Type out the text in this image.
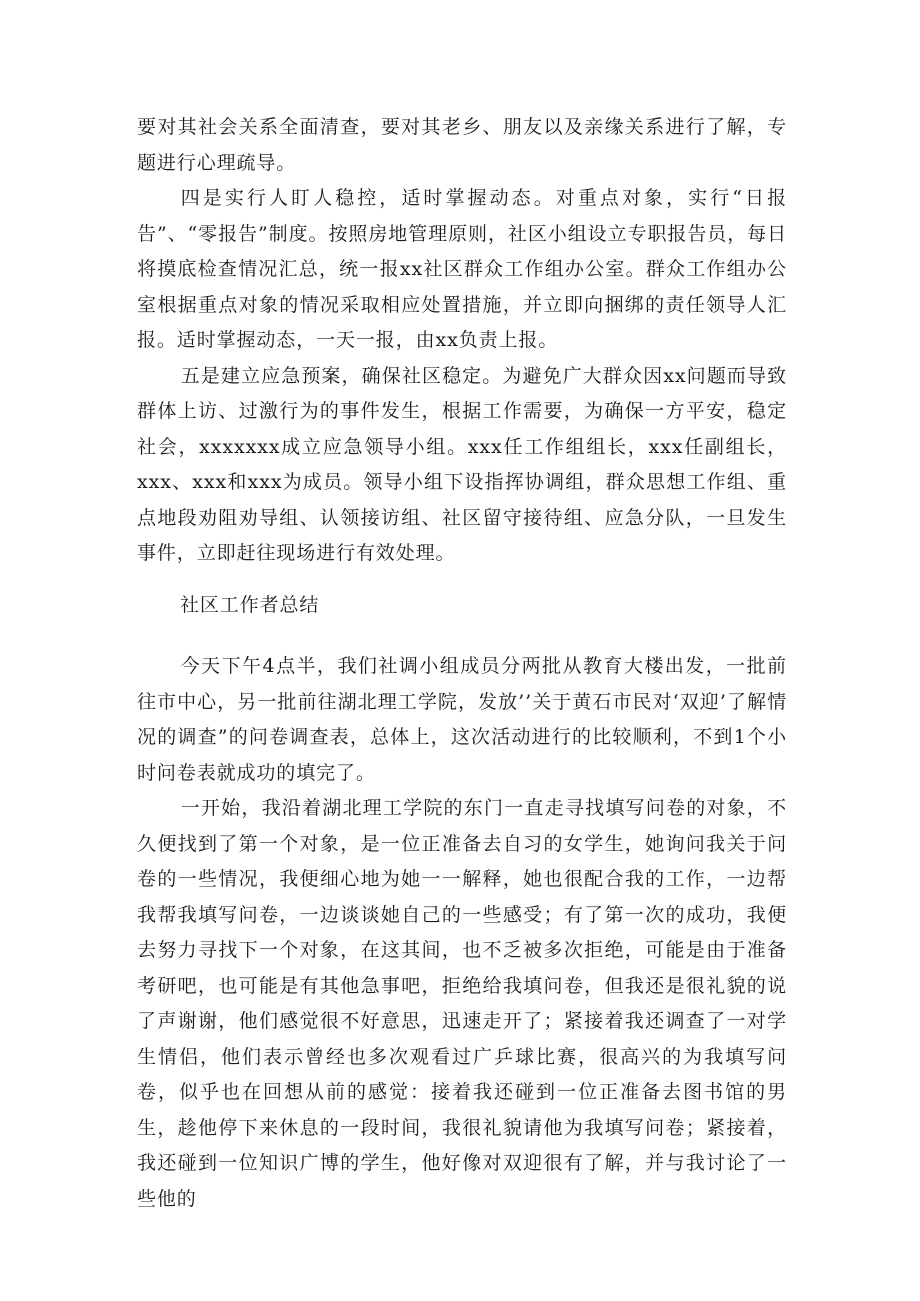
要对其社会关系全面清查，要对其老乡、朋友以及亲缘关系进行了解，专题进行心理疏导。

四是实行人盯人稳控，适时掌握动态。对重点对象，实行“日报告”、“零报告”制度。按照房地管理原则，社区小组设立专职报告员，每日将摸底检查情况汇总，统一报xx社区群众工作组办公室。群众工作组办公室根据重点对象的情况采取相应处置措施，并立即向捆绑的责任领导人汇报。适时掌握动态，一天一报，由xx负责上报。

五是建立应急预案，确保社区稳定。为避免广大群众因xx问题而导致群体上访、过激行为的事件发生，根据工作需要，为确保一方平安，稳定社会，xxxxxxx成立应急领导小组。xxx任工作组组长，xxx任副组长，xxx、xxx和xxx为成员。领导小组下设指挥协调组，群众思想工作组、重点地段劝阻劝导组、认领接访组、社区留守接待组、应急分队，一旦发生事件，立即赶往现场进行有效处理。

社区工作者总结

今天下午4点半，我们社调小组成员分两批从教育大楼出发，一批前往市中心，另一批前往湖北理工学院，发放’’关于黄石市民对‘双迎’了解情况的调查”的问卷调查表，总体上，这次活动进行的比较顺利，不到1个小时问卷表就成功的填完了。

一开始，我沿着湖北理工学院的东门一直走寻找填写问卷的对象，不久便找到了第一个对象，是一位正准备去自习的女学生，她询问我关于问卷的一些情况，我便细心地为她一一解释，她也很配合我的工作，一边帮我帮我填写问卷，一边谈谈她自己的一些感受；有了第一次的成功，我便去努力寻找下一个对象，在这其间，也不乏被多次拒绝，可能是由于准备考研吧，也可能是有其他急事吧，拒绝给我填问卷，但我还是很礼貌的说了声谢谢，他们感觉很不好意思，迅速走开了；紧接着我还调查了一对学生情侣，他们表示曾经也多次观看过广乒球比赛，很高兴的为我填写问卷，似乎也在回想从前的感觉：接着我还碰到一位正准备去图书馆的男生，趁他停下来休息的一段时间，我很礼貌请他为我填写问卷；紧接着，我还碰到一位知识广博的学生，他好像对双迎很有了解，并与我讨论了一些他的
